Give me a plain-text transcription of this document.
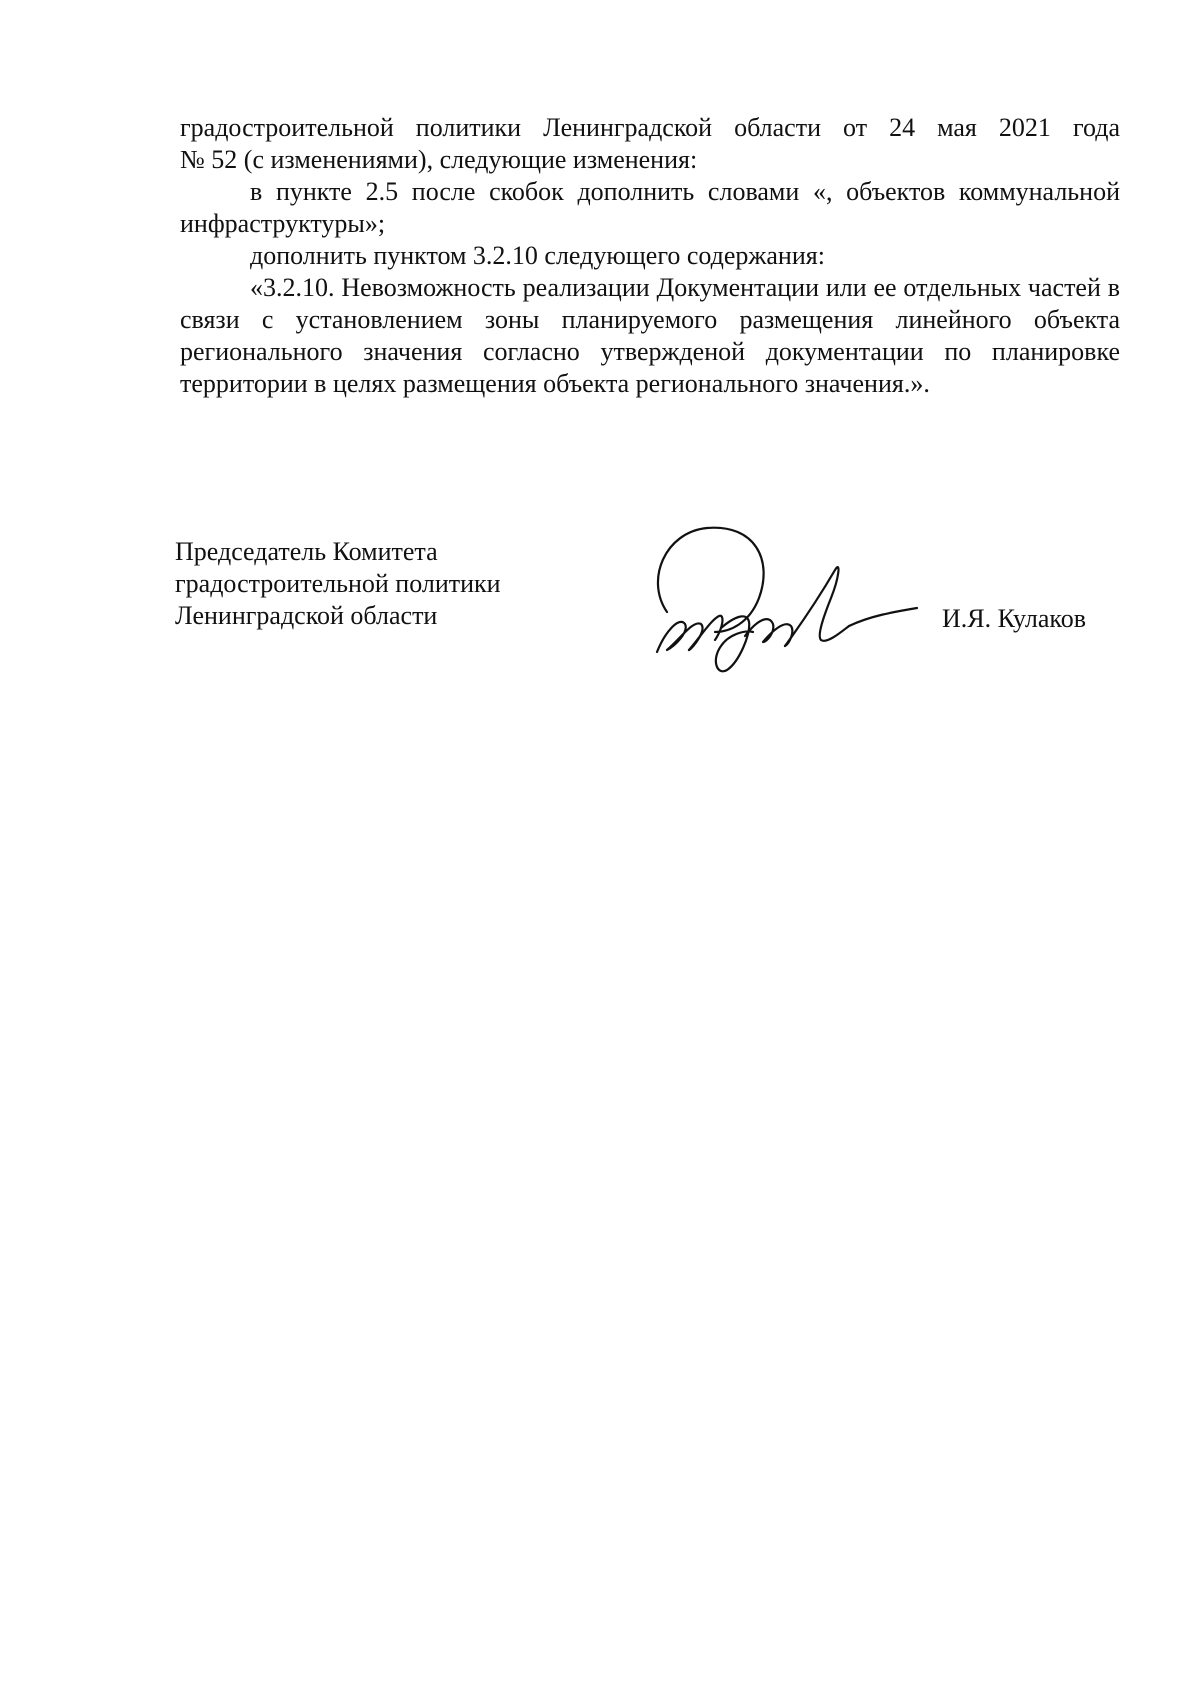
градостроительной политики Ленинградской области от 24 мая 2021 года

№ 52 (с изменениями), следующие изменения:

в пункте 2.5 после скобок дополнить словами «, объектов коммунальной инфраструктуры»;

дополнить пунктом 3.2.10 следующего содержания:

«3.2.10. Невозможность реализации Документации или ее отдельных частей в связи с установлением зоны планируемого размещения линейного объекта регионального значения согласно утвержденой документации по планировке территории в целях размещения объекта регионального значения.».

Председатель Комитета
градостроительной политики
Ленинградской области	И.Я. Кулаков
